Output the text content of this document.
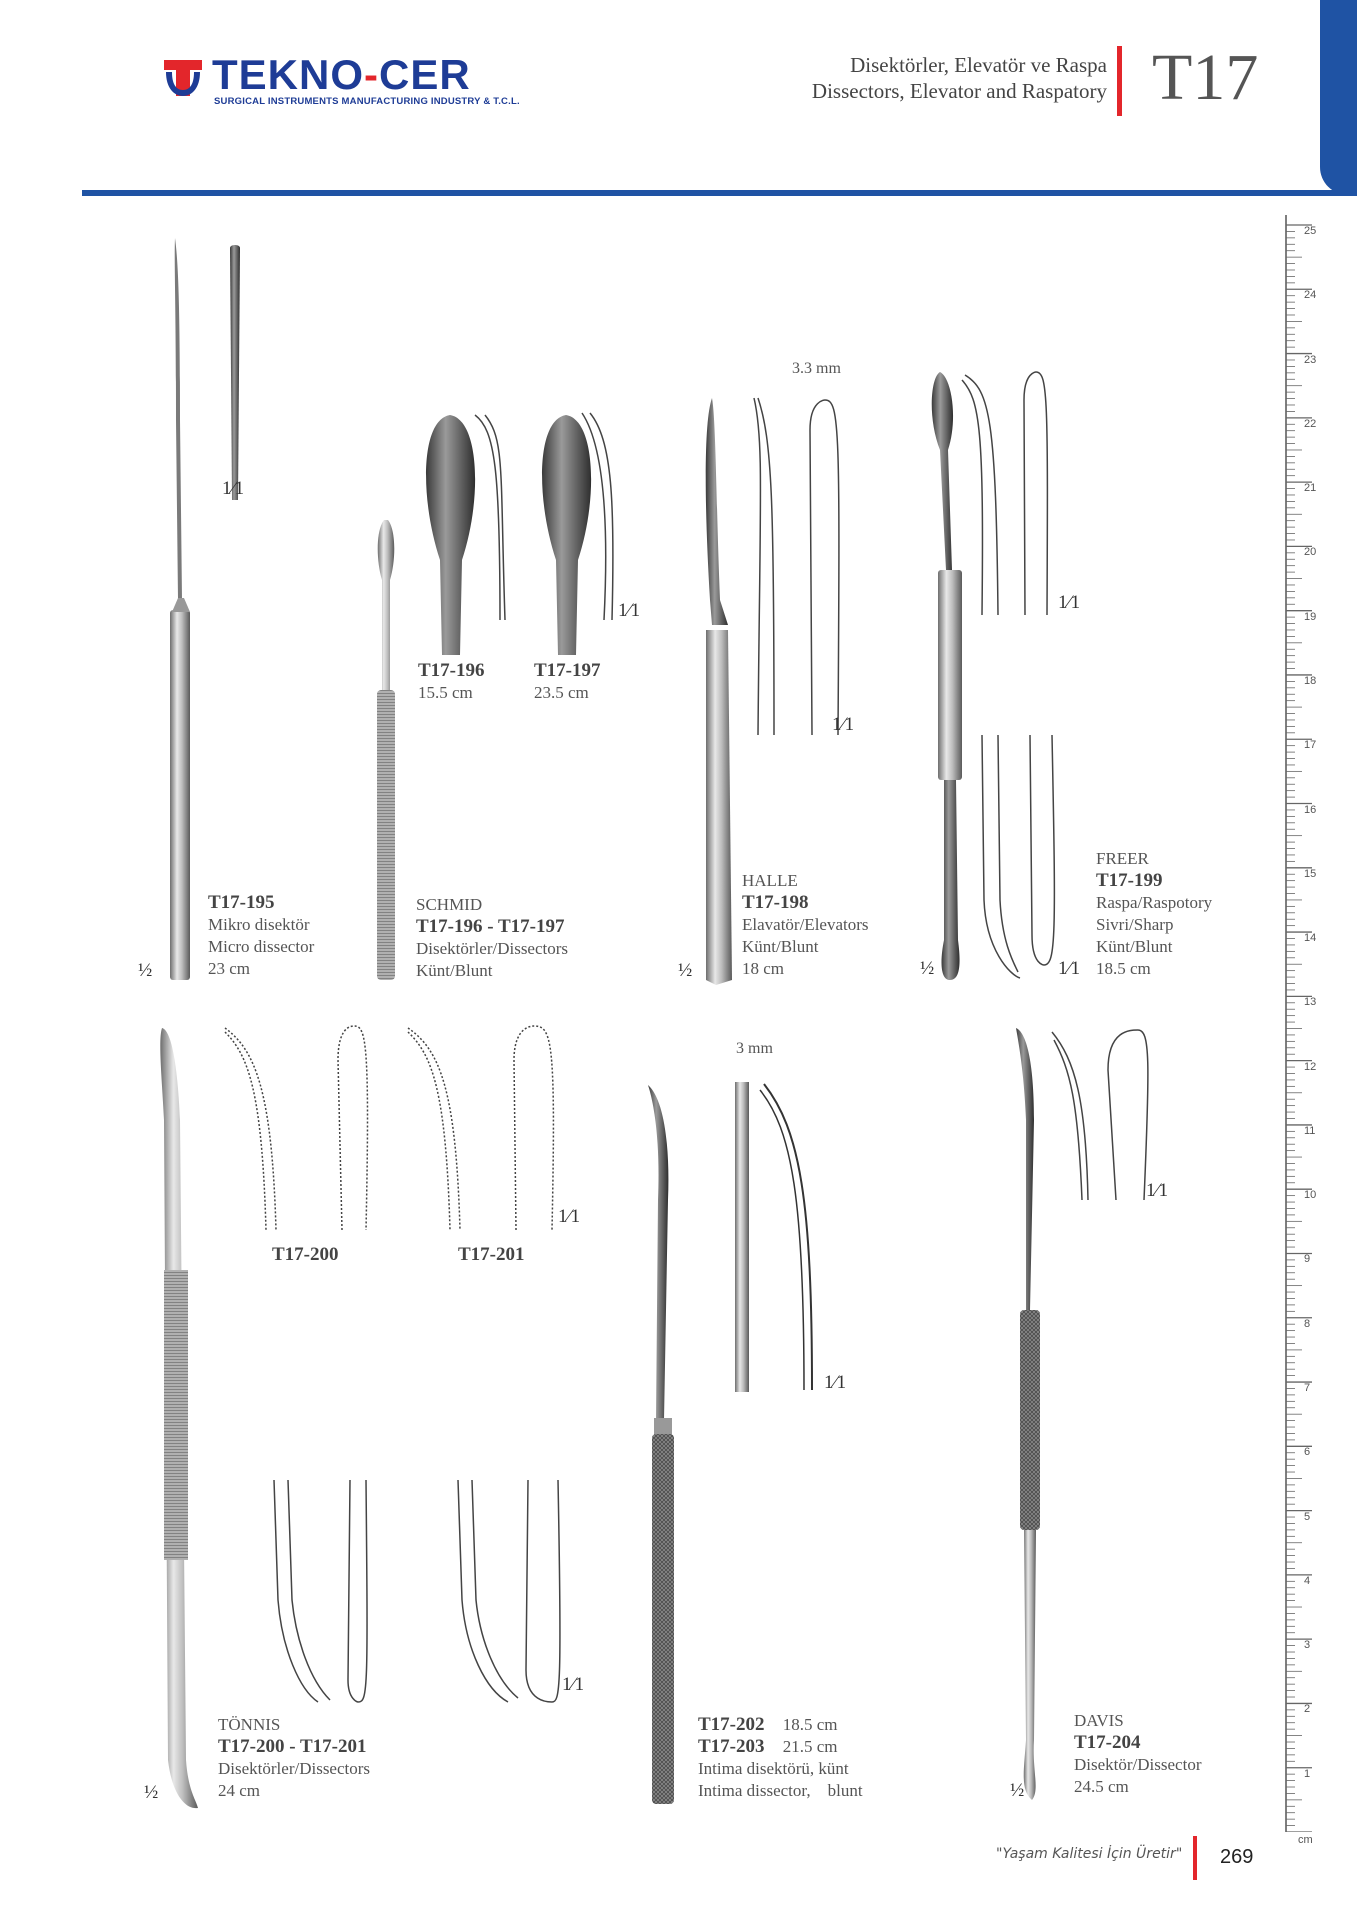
TEKNO-CER
SURGICAL INSTRUMENTS MANUFACTURING INDUSTRY & T.C.L.
Disektörler, Elevatör ve Raspa
Dissectors, Elevator and Raspatory T17
25
24
23
22
21
20
19
18
17
16
15
14
13
12
11
10
9
8
7
6
5
4
3
2
1
cm
1⁄1
T17-195
Mikro disektör
Micro dissector
23 cm
½
T17-196
15.5 cm
T17-197
23.5 cm
1⁄1
SCHMID
T17-196 - T17-197
Disektörler/Dissectors
Künt/Blunt
3.3 mm
1⁄1
HALLE
T17-198
Elavatör/Elevators
Künt/Blunt
18 cm
½
1⁄1
FREER
T17-199
Raspa/Raspotory
Sivri/Sharp
Künt/Blunt
18.5 cm
½	1⁄1
T17-200	T17-201
1⁄1
1⁄1
TÖNNIS
T17-200 - T17-201
Disektörler/Dissectors
24 cm
½
3 mm
1⁄1
T17-202 18.5 cm
T17-203 21.5 cm
Intima disektörü, künt
Intima dissector,    blunt
1⁄1
DAVIS
T17-204
Disektör/Dissector
24.5 cm
½
"Yaşam Kalitesi İçin Üretir" 269
